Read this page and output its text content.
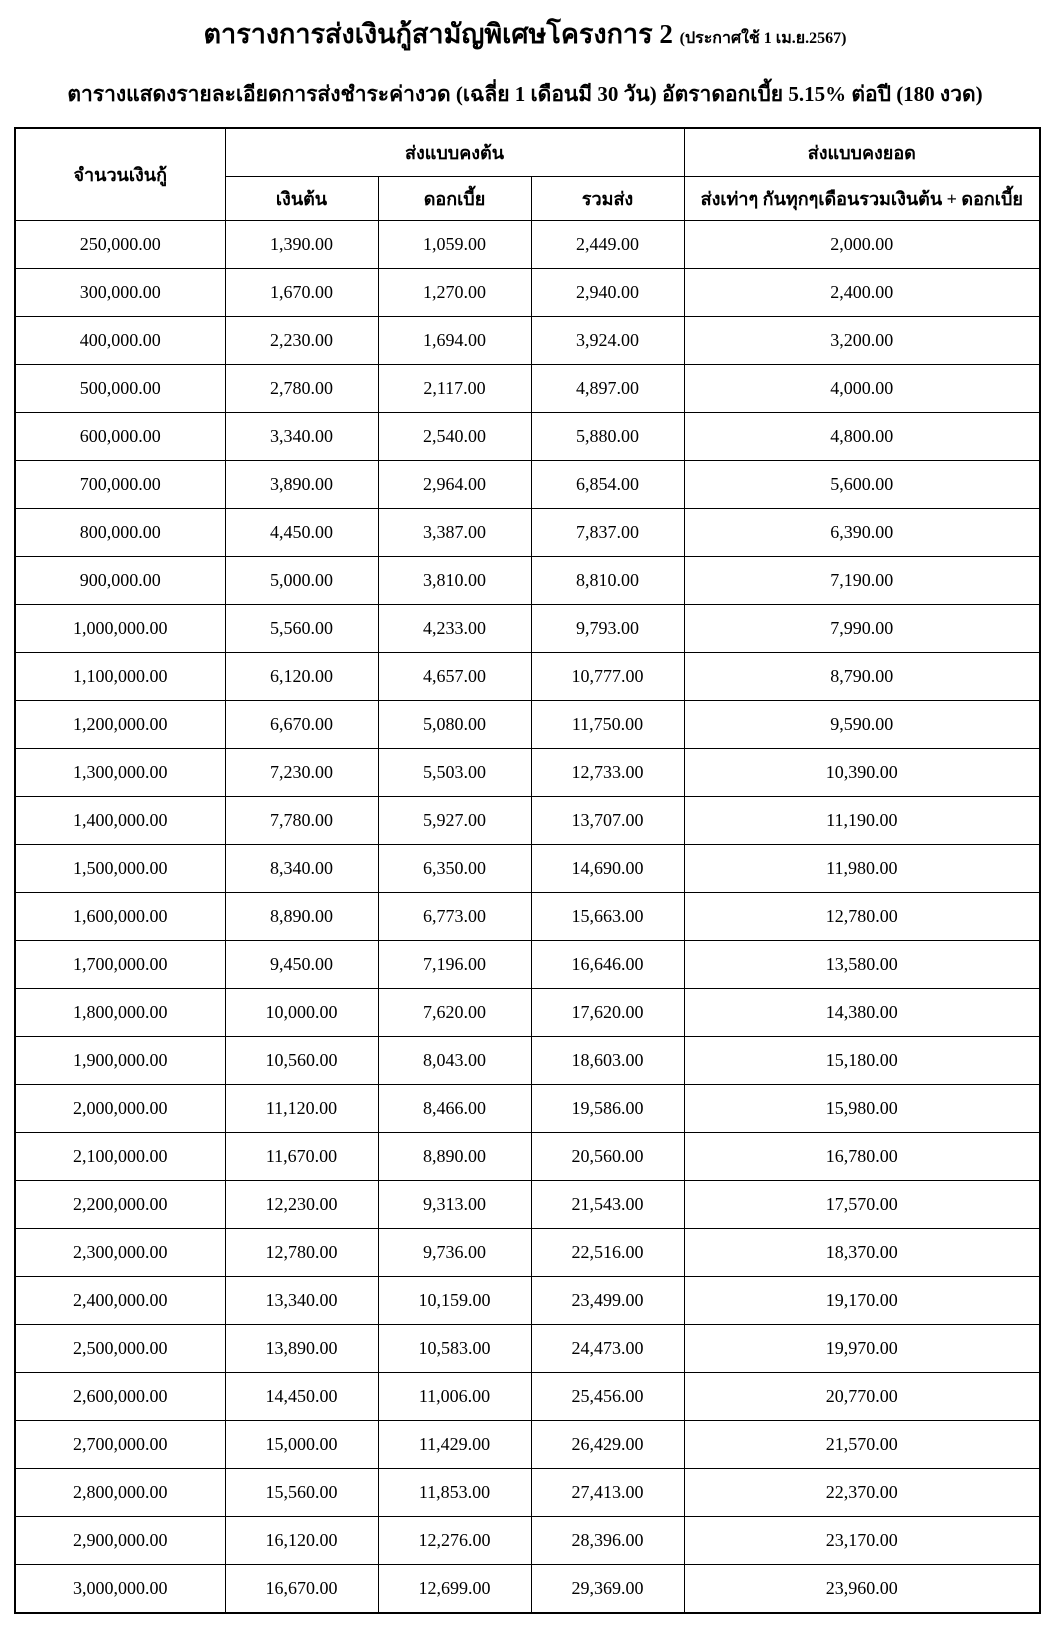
ตารางการส่งเงินกู้สามัญพิเศษโครงการ 2 (ประกาศใช้ 1 เม.ย.2567)
ตารางแสดงรายละเอียดการส่งชำระค่างวด (เฉลี่ย 1 เดือนมี 30 วัน) อัตราดอกเบี้ย 5.15% ต่อปี (180 งวด)
จำนวนเงินกู้	ส่งแบบคงต้น			ส่งแบบคงยอด
	เงินต้น	ดอกเบี้ย	รวมส่ง	ส่งเท่าๆ กันทุกๆเดือนรวมเงินต้น + ดอกเบี้ย
250,000.00	1,390.00	1,059.00	2,449.00	2,000.00
300,000.00	1,670.00	1,270.00	2,940.00	2,400.00
400,000.00	2,230.00	1,694.00	3,924.00	3,200.00
500,000.00	2,780.00	2,117.00	4,897.00	4,000.00
600,000.00	3,340.00	2,540.00	5,880.00	4,800.00
700,000.00	3,890.00	2,964.00	6,854.00	5,600.00
800,000.00	4,450.00	3,387.00	7,837.00	6,390.00
900,000.00	5,000.00	3,810.00	8,810.00	7,190.00
1,000,000.00	5,560.00	4,233.00	9,793.00	7,990.00
1,100,000.00	6,120.00	4,657.00	10,777.00	8,790.00
1,200,000.00	6,670.00	5,080.00	11,750.00	9,590.00
1,300,000.00	7,230.00	5,503.00	12,733.00	10,390.00
1,400,000.00	7,780.00	5,927.00	13,707.00	11,190.00
1,500,000.00	8,340.00	6,350.00	14,690.00	11,980.00
1,600,000.00	8,890.00	6,773.00	15,663.00	12,780.00
1,700,000.00	9,450.00	7,196.00	16,646.00	13,580.00
1,800,000.00	10,000.00	7,620.00	17,620.00	14,380.00
1,900,000.00	10,560.00	8,043.00	18,603.00	15,180.00
2,000,000.00	11,120.00	8,466.00	19,586.00	15,980.00
2,100,000.00	11,670.00	8,890.00	20,560.00	16,780.00
2,200,000.00	12,230.00	9,313.00	21,543.00	17,570.00
2,300,000.00	12,780.00	9,736.00	22,516.00	18,370.00
2,400,000.00	13,340.00	10,159.00	23,499.00	19,170.00
2,500,000.00	13,890.00	10,583.00	24,473.00	19,970.00
2,600,000.00	14,450.00	11,006.00	25,456.00	20,770.00
2,700,000.00	15,000.00	11,429.00	26,429.00	21,570.00
2,800,000.00	15,560.00	11,853.00	27,413.00	22,370.00
2,900,000.00	16,120.00	12,276.00	28,396.00	23,170.00
3,000,000.00	16,670.00	12,699.00	29,369.00	23,960.00
